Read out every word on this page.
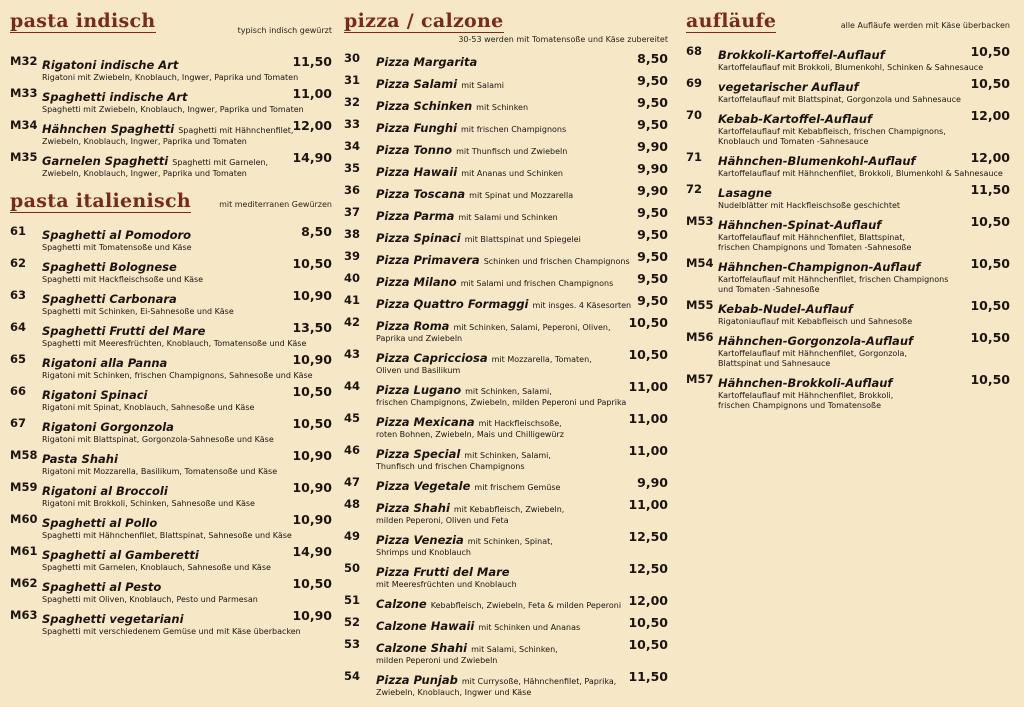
pasta indisch	typisch indisch gewürzt
M32 Rigatoni indische Art
Rigatoni mit Zwiebeln, Knoblauch, Ingwer, Paprika und Tomaten
11,50
M33 Spaghetti indische Art
Spaghetti mit Zwiebeln, Knoblauch, Ingwer, Paprika und Tomaten
11,00
M34 Hähnchen Spaghetti Spaghetti mit Hähnchenfilet,
Zwiebeln, Knoblauch, Ingwer, Paprika und Tomaten
12,00
M35 Garnelen Spaghetti Spaghetti mit Garnelen,
Zwiebeln, Knoblauch, Ingwer, Paprika und Tomaten
14,90
pasta italienisch	mit mediterranen Gewürzen
61 Spaghetti al Pomodoro
Spaghetti mit Tomatensoße und Käse
8,50
62 Spaghetti Bolognese
Spaghetti mit Hackfleischsoße und Käse
10,50
63 Spaghetti Carbonara
Spaghetti mit Schinken, Ei-Sahnesoße und Käse
10,90
64 Spaghetti Frutti del Mare
Spaghetti mit Meeresfrüchten, Knoblauch, Tomatensoße und Käse
13,50
65 Rigatoni alla Panna
Rigatoni mit Schinken, frischen Champignons, Sahnesoße und Käse
10,90
66 Rigatoni Spinaci
Rigatoni mit Spinat, Knoblauch, Sahnesoße und Käse
10,50
67 Rigatoni Gorgonzola
Rigatoni mit Blattspinat, Gorgonzola-Sahnesoße und Käse
10,50
M58 Pasta Shahi
Rigatoni mit Mozzarella, Basilikum, Tomatensoße und Käse
10,90
M59 Rigatoni al Broccoli
Rigatoni mit Brokkoli, Schinken, Sahnesoße und Käse
10,90
M60 Spaghetti al Pollo
Spaghetti mit Hähnchenfilet, Blattspinat, Sahnesoße und Käse
10,90
M61 Spaghetti al Gamberetti
Spaghetti mit Garnelen, Knoblauch, Sahnesoße und Käse
14,90
M62 Spaghetti al Pesto
Spaghetti mit Oliven, Knoblauch, Pesto und Parmesan
10,50
M63 Spaghetti vegetariani
Spaghetti mit verschiedenem Gemüse und mit Käse überbacken
10,90
pizza / calzone
30-53 werden mit Tomatensoße und Käse zubereitet
30 Pizza Margarita	8,50
31 Pizza Salami mit Salami	9,50
32 Pizza Schinken mit Schinken	9,50
33 Pizza Funghi mit frischen Champignons	9,50
34 Pizza Tonno mit Thunfisch und Zwiebeln	9,90
35 Pizza Hawaii mit Ananas und Schinken	9,90
36 Pizza Toscana mit Spinat und Mozzarella	9,90
37 Pizza Parma mit Salami und Schinken	9,50
38 Pizza Spinaci mit Blattspinat und Spiegelei	9,50
39 Pizza Primavera Schinken und frischen Champignons 9,50
40 Pizza Milano mit Salami und frischen Champignons	9,50
41 Pizza Quattro Formaggi mit insges. 4 Käsesorten 9,50
42 Pizza Roma mit Schinken, Salami, Peperoni, Oliven,
Paprika und Zwiebeln
10,50
43 Pizza Capricciosa mit Mozzarella, Tomaten,
Oliven und Basilikum
10,50
44 Pizza Lugano mit Schinken, Salami,
frischen Champignons, Zwiebeln, milden Peperoni und Paprika
11,00
45 Pizza Mexicana mit Hackfleischsoße,
roten Bohnen, Zwiebeln, Mais und Chilligewürz
11,00
46 Pizza Special mit Schinken, Salami,
Thunfisch und frischen Champignons
11,00
47 Pizza Vegetale mit frischem Gemüse	9,90
48 Pizza Shahi mit Kebabfleisch, Zwiebeln,
milden Peperoni, Oliven und Feta
11,00
49 Pizza Venezia mit Schinken, Spinat,
Shrimps und Knoblauch
12,50
50 Pizza Frutti del Mare
mit Meeresfrüchten und Knoblauch
12,50
51 Calzone Kebabfleisch, Zwiebeln, Feta & milden Peperoni 12,00
52 Calzone Hawaii mit Schinken und Ananas	10,50
53 Calzone Shahi mit Salami, Schinken,
milden Peperoni und Zwiebeln
10,50
54 Pizza Punjab mit Currysoße, Hähnchenfilet, Paprika,
Zwiebeln, Knoblauch, Ingwer und Käse
11,50
aufläufe	alle Aufläufe werden mit Käse überbacken
68 Brokkoli-Kartoffel-Auflauf
Kartoffelauflauf mit Brokkoli, Blumenkohl, Schinken & Sahnesauce
10,50
69 vegetarischer Auflauf
Kartoffelauflauf mit Blattspinat, Gorgonzola und Sahnesauce
10,50
70 Kebab-Kartoffel-Auflauf
Kartoffelauflauf mit Kebabfleisch, frischen Champignons,
Knoblauch und Tomaten -Sahnesauce
12,00
71 Hähnchen-Blumenkohl-Auflauf
Kartoffelauflauf mit Hähnchenfilet, Brokkoli, Blumenkohl & Sahnesauce
12,00
72 Lasagne
Nudelblätter mit Hackfleischsoße geschichtet
11,50
M53 Hähnchen-Spinat-Auflauf
Kartoffelauflauf mit Hähnchenfilet, Blattspinat,
frischen Champignons und Tomaten -Sahnesoße
10,50
M54 Hähnchen-Champignon-Auflauf
Kartoffelauflauf mit Hähnchenfilet, frischen Champignons
und Tomaten -Sahnesoße
10,50
M55 Kebab-Nudel-Auflauf
Rigatoniauflauf mit Kebabfleisch und Sahnesoße
10,50
M56 Hähnchen-Gorgonzola-Auflauf
Kartoffelauflauf mit Hähnchenfilet, Gorgonzola,
Blattspinat und Sahnesauce
10,50
M57 Hähnchen-Brokkoli-Auflauf
Kartoffelauflauf mit Hähnchenfilet, Brokkoli,
frischen Champignons und Tomatensoße
10,50
